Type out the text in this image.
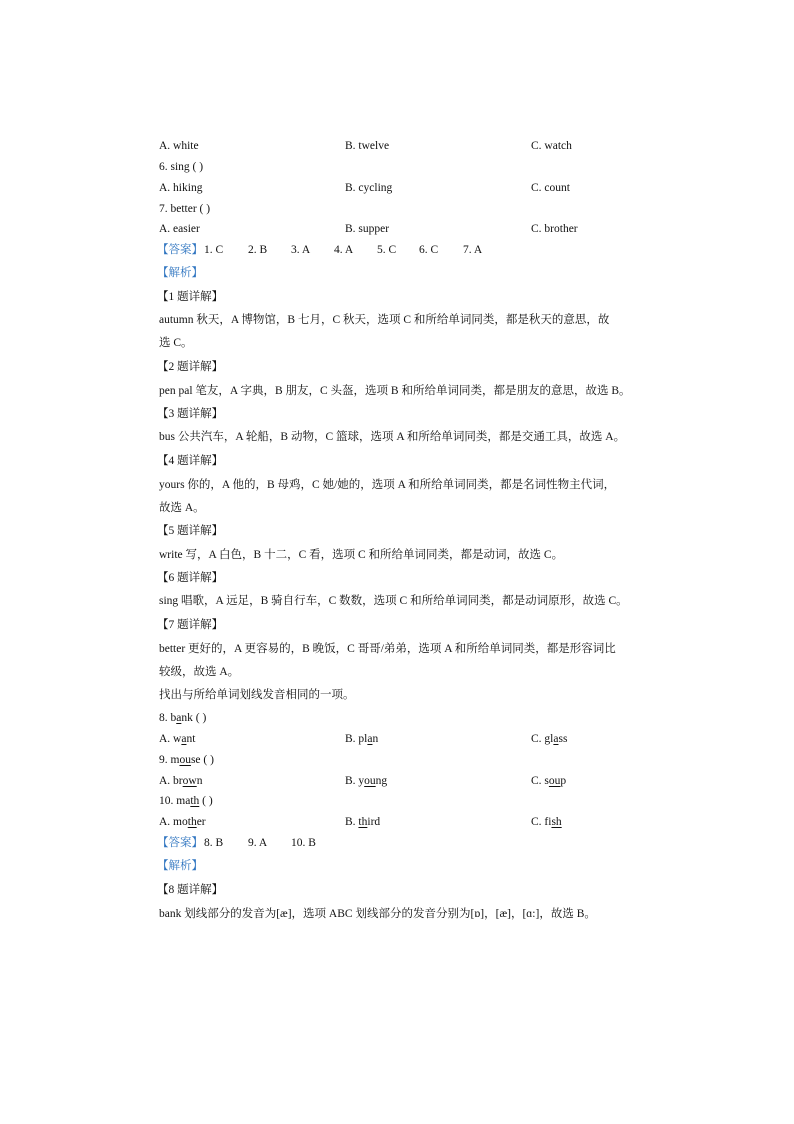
A. white	B. twelve	C. watch
6. sing ( )
A. hiking	B. cycling	C. count
7. better ( )
A. easier	B. supper	C. brother
【答案】1. C 2. B 3. A 4. A 5. C 6. C 7. A
【解析】
【1 题详解】
autumn 秋天，A 博物馆，B 七月，C 秋天，选项 C 和所给单词同类，都是秋天的意思，故
选 C。
【2 题详解】
pen pal 笔友，A 字典，B 朋友，C 头盔，选项 B 和所给单词同类，都是朋友的意思，故选 B。
【3 题详解】
bus 公共汽车，A 轮船，B 动物，C 篮球，选项 A 和所给单词同类，都是交通工具，故选 A。
【4 题详解】
yours 你的，A 他的，B 母鸡，C 她/她的，选项 A 和所给单词同类，都是名词性物主代词，
故选 A。
【5 题详解】
write 写，A 白色，B 十二，C 看，选项 C 和所给单词同类，都是动词，故选 C。
【6 题详解】
sing 唱歌，A 远足，B 骑自行车，C 数数，选项 C 和所给单词同类，都是动词原形，故选 C。
【7 题详解】
better 更好的，A 更容易的，B 晚饭，C 哥哥/弟弟，选项 A 和所给单词同类，都是形容词比
较级，故选 A。
找出与所给单词划线发音相同的一项。
8. bank ( )
A. want	B. plan	C. glass
9. mouse ( )
A. brown	B. young	C. soup
10. math ( )
A. mother	B. third	C. fish
【答案】8. B 9. A 10. B
【解析】
【8 题详解】
bank 划线部分的发音为[æ]，选项 ABC 划线部分的发音分别为[ɒ]，[æ]，[ɑ:]，故选 B。
